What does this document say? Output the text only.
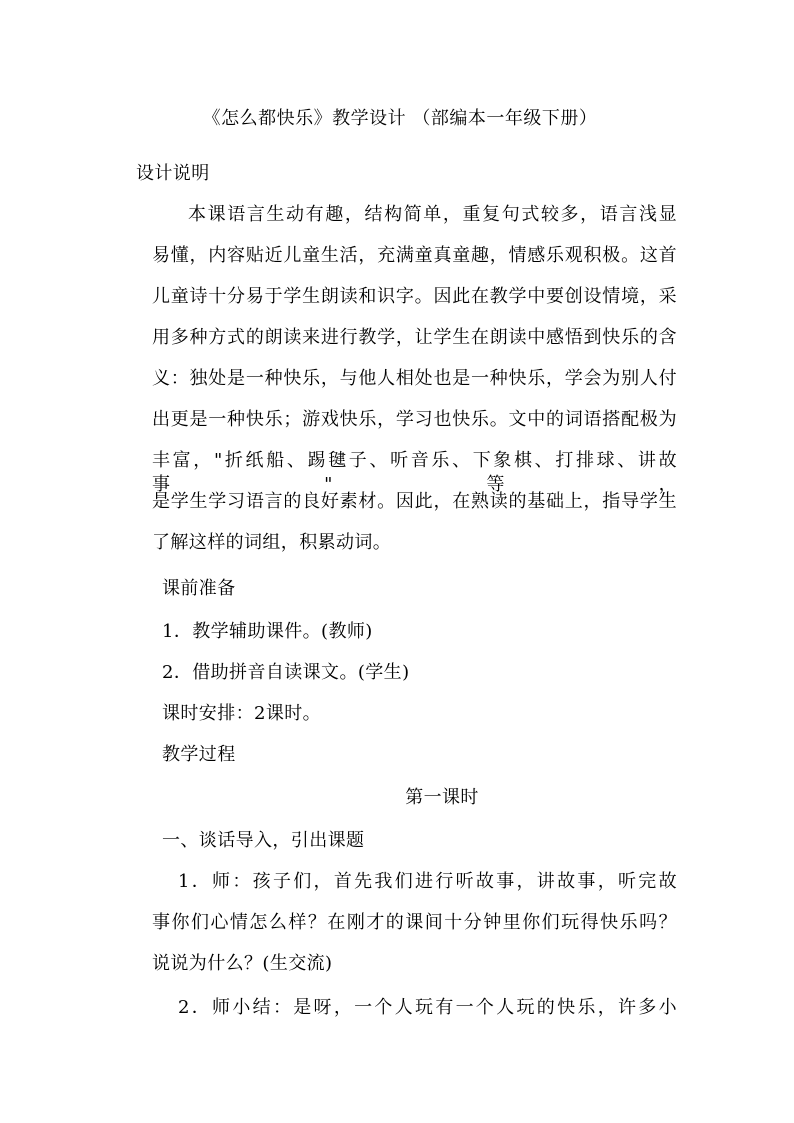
《怎么都快乐》教学设计 （部编本一年级下册）
设计说明
本课语言生动有趣，结构简单，重复句式较多，语言浅显
易懂，内容贴近儿童生活，充满童真童趣，情感乐观积极。这首
儿童诗十分易于学生朗读和识字。因此在教学中要创设情境，采
用多种方式的朗读来进行教学，让学生在朗读中感悟到快乐的含
义：独处是一种快乐，与他人相处也是一种快乐，学会为别人付
出更是一种快乐；游戏快乐，学习也快乐。文中的词语搭配极为
丰富，"折纸船、踢毽子、听音乐、下象棋、打排球、讲故事"等，
是学生学习语言的良好素材。因此，在熟读的基础上，指导学生
了解这样的词组，积累动词。
课前准备
1．教学辅助课件。(教师)
2．借助拼音自读课文。(学生)
课时安排：2课时。
教学过程
第一课时
一、谈话导入，引出课题
1．师：孩子们，首先我们进行听故事，讲故事，听完故
事你们心情怎么样？在刚才的课间十分钟里你们玩得快乐吗？
说说为什么？(生交流)
2．师小结：是呀，一个人玩有一个人玩的快乐，许多小
